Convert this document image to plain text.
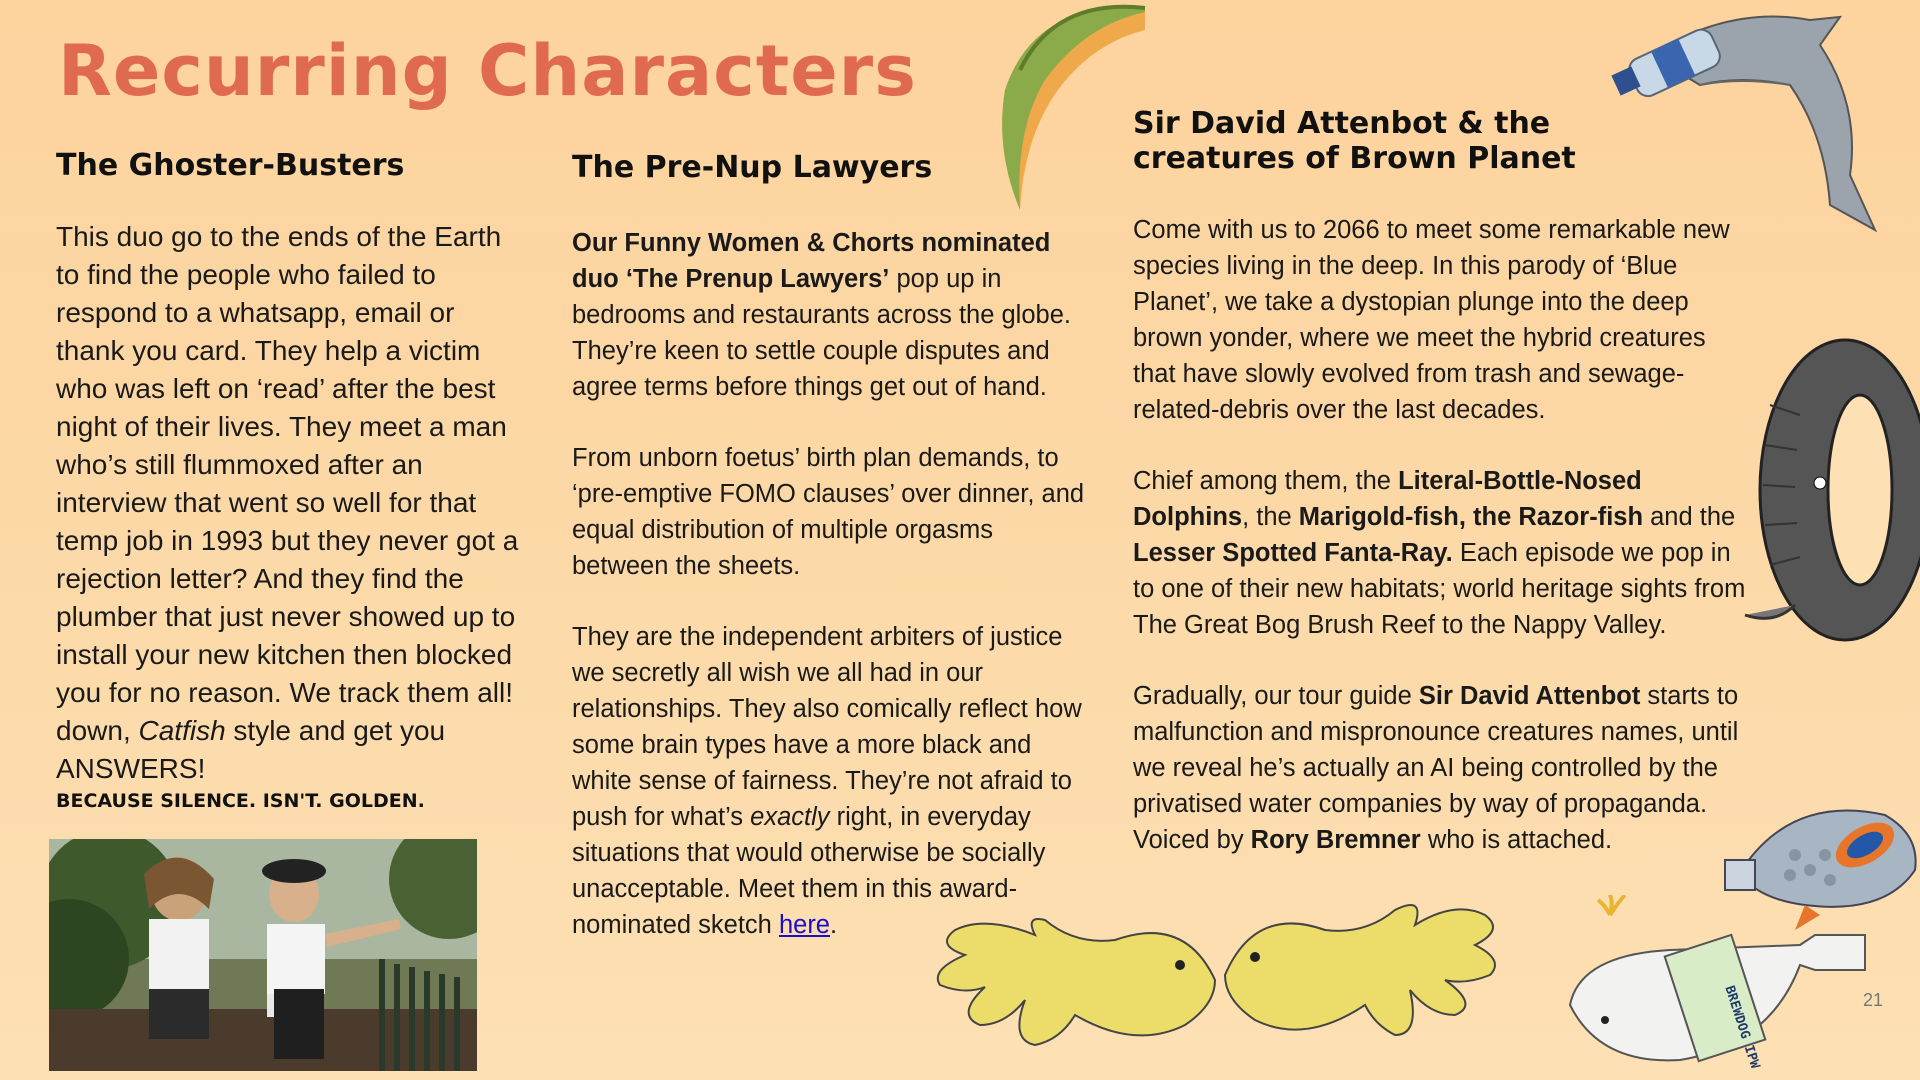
Recurring Characters
The Ghoster-Busters
This duo go to the ends of the Earth to find the people who failed to respond to a whatsapp, email or thank you card. They help a victim who was left on ‘read’ after the best night of their lives. They meet a man who’s still flummoxed after an interview that went so well for that temp job in 1993 but they never got a rejection letter? And they find the plumber that just never showed up to install your new kitchen then blocked you for no reason. We track them all! down, Catfish style and get you ANSWERS!
BECAUSE SILENCE. ISN'T. GOLDEN.
The Pre-Nup Lawyers

Our Funny Women & Chorts nominated duo ‘The Prenup Lawyers’ pop up in bedrooms and restaurants across the globe. They’re keen to settle couple disputes and agree terms before things get out of hand.

From unborn foetus’ birth plan demands, to ‘pre-emptive FOMO clauses’ over dinner, and equal distribution of multiple orgasms between the sheets.

They are the independent arbiters of justice we secretly all wish we all had in our relationships. They also comically reflect how some brain types have a more black and white sense of fairness. They’re not afraid to push for what’s exactly right, in everyday situations that would otherwise be socially unacceptable. Meet them in this award-nominated sketch here.

Sir David Attenbot & the creatures of Brown Planet

Come with us to 2066 to meet some remarkable new species living in the deep. In this parody of ‘Blue Planet’, we take a dystopian plunge into the deep brown yonder, where we meet the hybrid creatures that have slowly evolved from trash and sewage-related-debris over the last decades.

Chief among them, the Literal-Bottle-Nosed Dolphins, the Marigold-fish, the Razor-fish and the Lesser Spotted Fanta-Ray. Each episode we pop in to one of their new habitats; world heritage sights from The Great Bog Brush Reef to the Nappy Valley.

Gradually, our tour guide Sir David Attenbot starts to malfunction and mispronounce creatures names, until we reveal he’s actually an AI being controlled by the privatised water companies by way of propaganda. Voiced by Rory Bremner who is attached.

BREWDOG IPW	21
